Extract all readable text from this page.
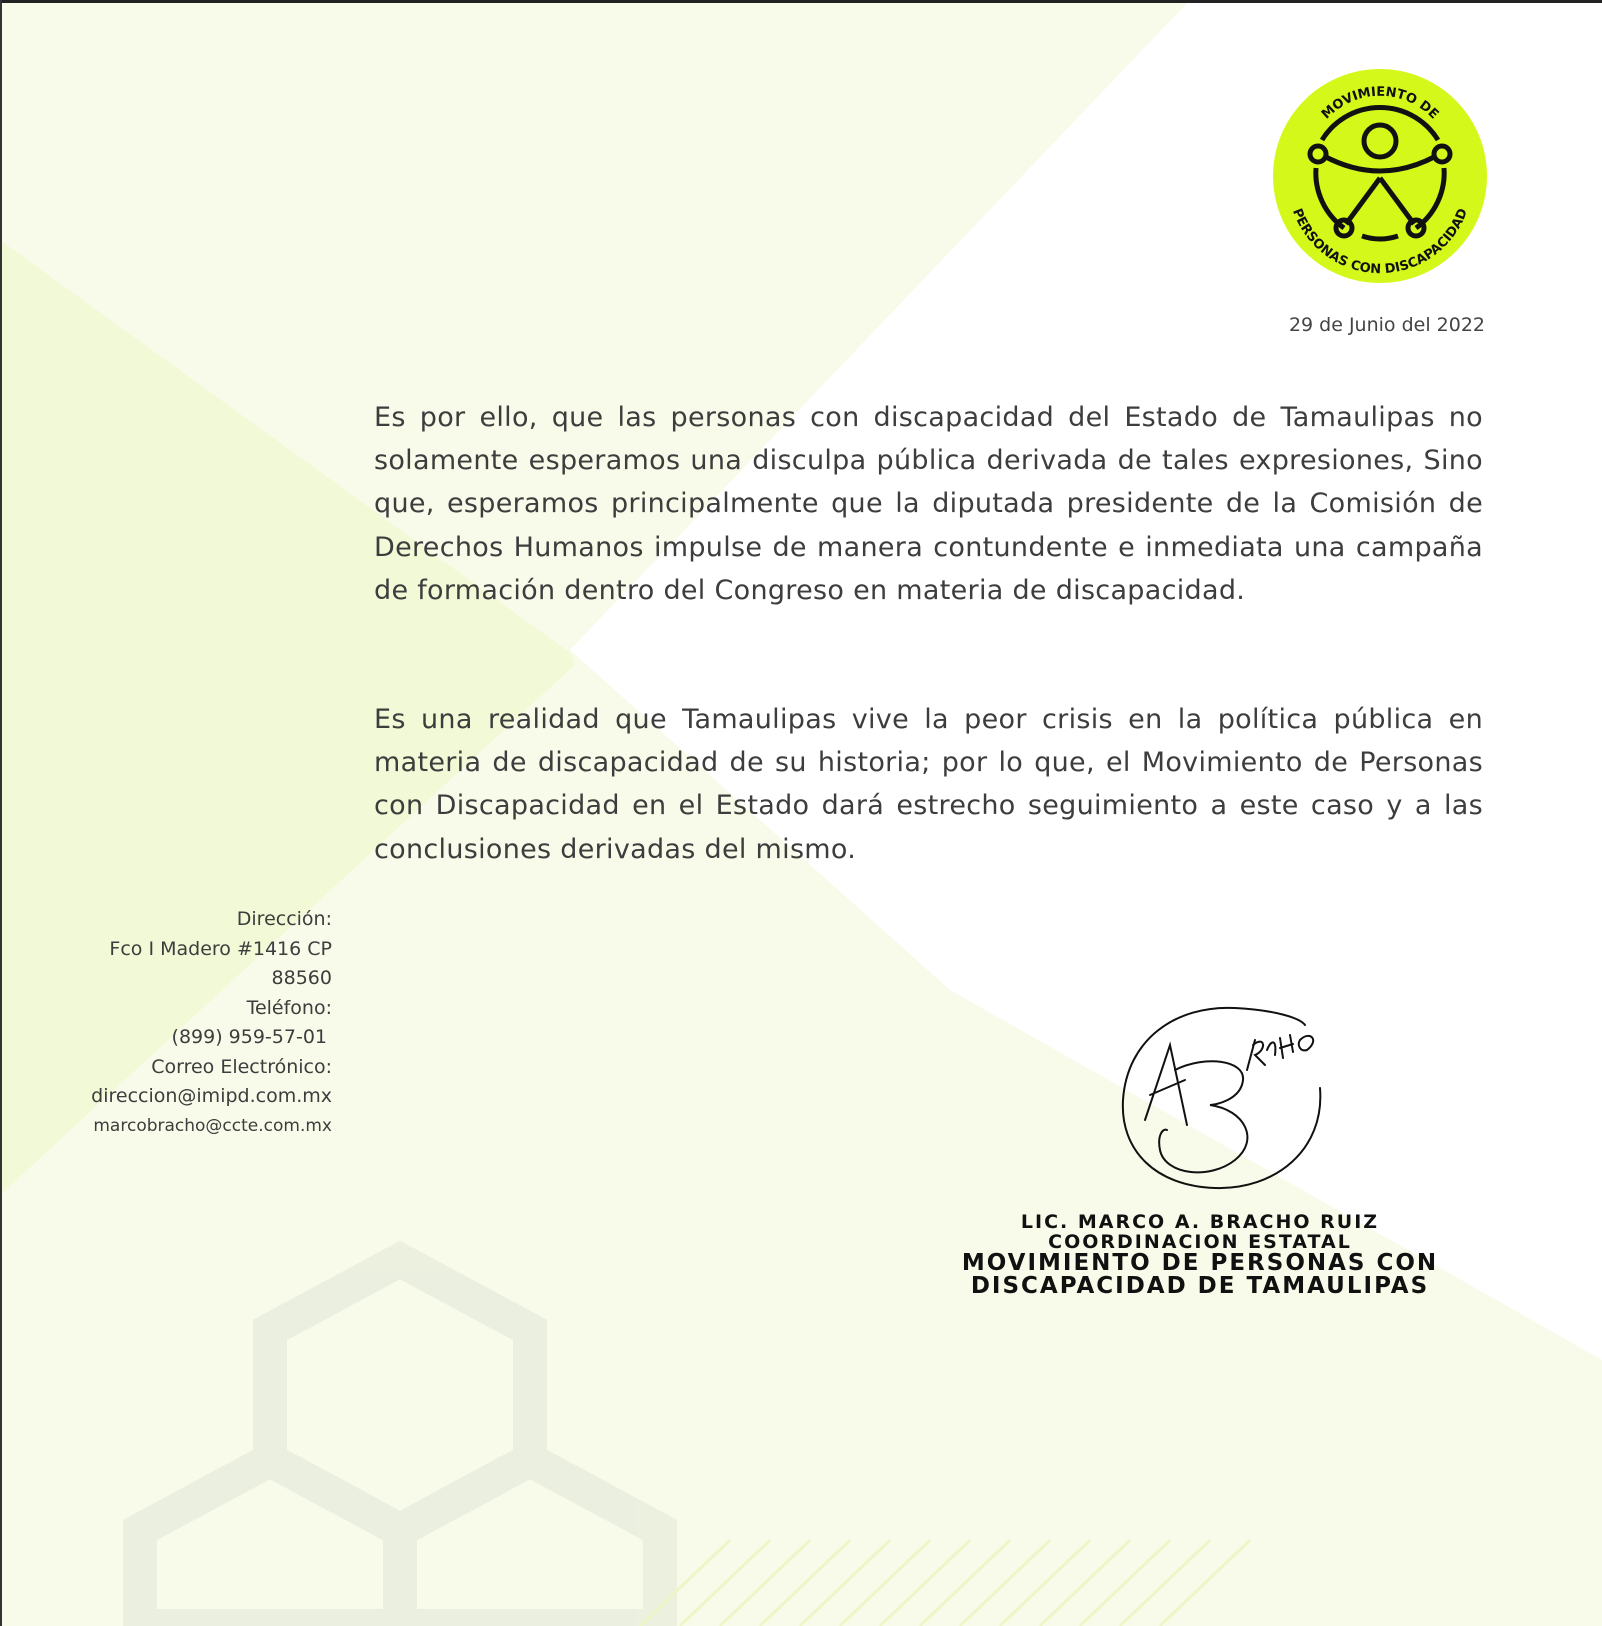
MOVIMIENTO DE
PERSONAS CON DISCAPACIDAD
29 de Junio del 2022

Es por ello, que las personas con discapacidad del Estado de Tamaulipas no solamente esperamos una disculpa pública derivada de tales expresiones, Sino que, esperamos principalmente que la diputada presidente de la Comisión de Derechos Humanos impulse de manera contundente e inmediata una campaña de formación dentro del Congreso en materia de discapacidad.

Es una realidad que Tamaulipas vive la peor crisis en la política pública en materia de discapacidad de su historia; por lo que, el Movimiento de Personas con Discapacidad en el Estado dará estrecho seguimiento a este caso y a las conclusiones derivadas del mismo.

Dirección:
Fco I Madero #1416 CP
88560
Teléfono:
(899) 959-57-01
Correo Electrónico:
direccion@imipd.com.mx
marcobracho@ccte.com.mx
LIC. MARCO A. BRACHO RUIZ
COORDINACION ESTATAL
MOVIMIENTO DE PERSONAS CON
DISCAPACIDAD DE TAMAULIPAS
